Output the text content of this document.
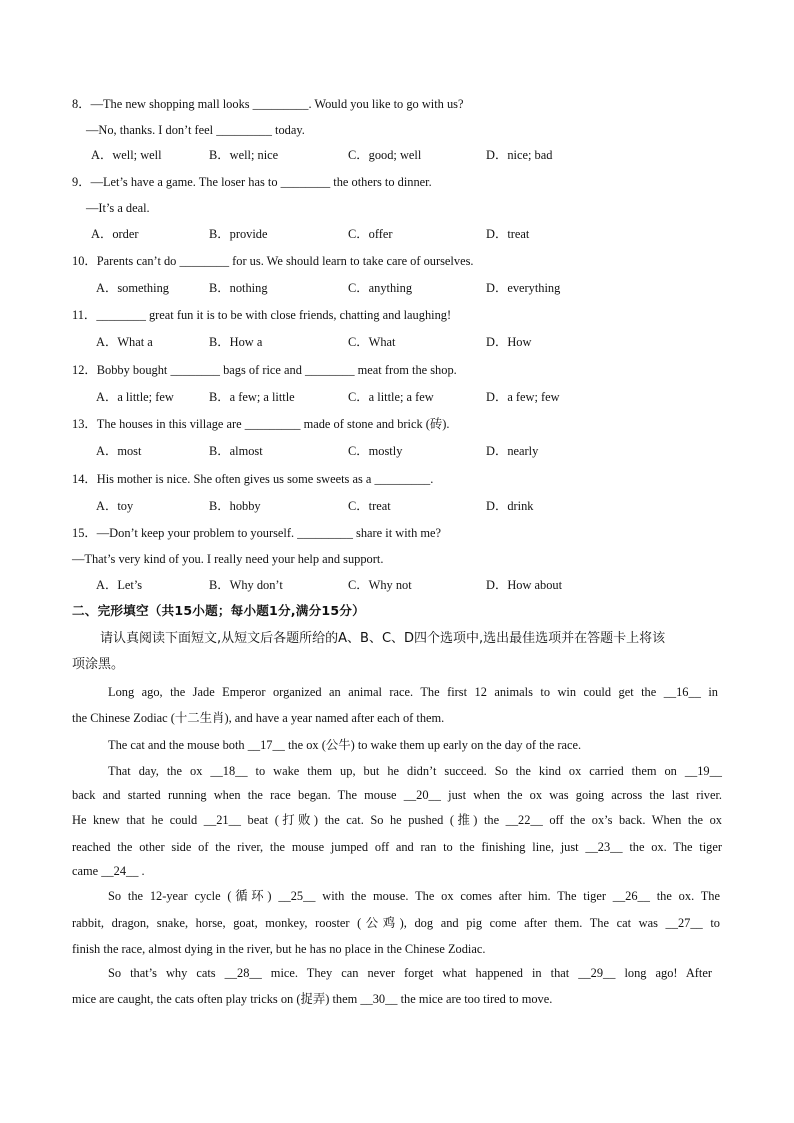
8．—The new shopping mall looks _________. Would you like to go with us?
—No, thanks. I don’t feel _________ today.
A．well; well	B．well; nice	C．good; well	D．nice; bad
9．—Let’s have a game. The loser has to ________ the others to dinner.
—It’s a deal.
A．order	B．provide	C．offer	D．treat
10．Parents can’t do ________ for us. We should learn to take care of ourselves.
A．something	B．nothing	C．anything	D．everything
11．________ great fun it is to be with close friends, chatting and laughing!
A．What a	B．How a	C．What	D．How
12．Bobby bought ________ bags of rice and ________ meat from the shop.
A．a little; few	B．a few; a little	C．a little; a few	D．a few; few
13．The houses in this village are _________ made of stone and brick (砖).
A．most	B．almost	C．mostly	D．nearly
14．His mother is nice. She often gives us some sweets as a _________.
A．toy	B．hobby	C．treat	D．drink
15．—Don’t keep your problem to yourself. _________ share it with me?
—That’s very kind of you. I really need your help and support.
A．Let’s	B．Why don’t	C．Why not	D．How about
二、完形填空（共15小题；每小题1分,满分15分）
请认真阅读下面短文,从短文后各题所给的A、B、C、D四个选项中,选出最佳选项并在答题卡上将该
项涂黑。
Long ago, the Jade Emperor organized an animal race. The first 12 animals to win could get the __16__ in
the Chinese Zodiac (十二生肖), and have a year named after each of them.
The cat and the mouse both __17__ the ox (公牛) to wake them up early on the day of the race.
That day, the ox __18__ to wake them up, but he didn’t succeed. So the kind ox carried them on __19__
back and started running when the race began. The mouse __20__ just when the ox was going across the last river.
He knew that he could __21__ beat (打败) the cat. So he pushed (推) the __22__ off the ox’s back. When the ox
reached the other side of the river, the mouse jumped off and ran to the finishing line, just __23__ the ox. The tiger
came __24__ .
So the 12-year cycle (循环) __25__ with the mouse. The ox comes after him. The tiger __26__ the ox. The
rabbit, dragon, snake, horse, goat, monkey, rooster (公鸡), dog and pig come after them. The cat was __27__ to
finish the race, almost dying in the river, but he has no place in the Chinese Zodiac.
So that’s why cats __28__ mice. They can never forget what happened in that __29__ long ago! After
mice are caught, the cats often play tricks on (捉弄) them __30__ the mice are too tired to move.
